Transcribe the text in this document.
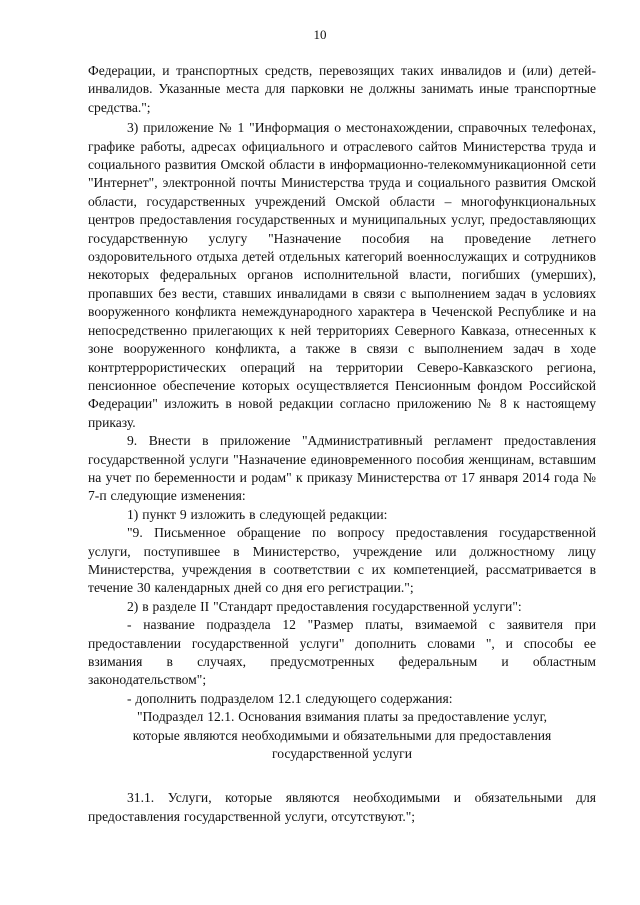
10

Федерации, и транспортных средств, перевозящих таких инвалидов и (или) детей-инвалидов. Указанные места для парковки не должны занимать иные транспортные средства.";

3) приложение № 1 "Информация о местонахождении, справочных телефонах, графике работы, адресах официального и отраслевого сайтов Министерства труда и социального развития Омской области в информационно-телекоммуникационной сети "Интернет", электронной почты Министерства труда и социального развития Омской области, государственных учреждений Омской области – многофункциональных центров предоставления государственных и муниципальных услуг, предоставляющих государственную услугу "Назначение пособия на проведение летнего оздоровительного отдыха детей отдельных категорий военнослужащих и сотрудников некоторых федеральных органов исполнительной власти, погибших (умерших), пропавших без вести, ставших инвалидами в связи с выполнением задач в условиях вооруженного конфликта немеждународного характера в Чеченской Республике и на непосредственно прилегающих к ней территориях Северного Кавказа, отнесенных к зоне вооруженного конфликта, а также в связи с выполнением задач в ходе контртеррористических операций на территории Северо-Кавказского региона, пенсионное обеспечение которых осуществляется Пенсионным фондом Российской Федерации" изложить в новой редакции согласно приложению № 8 к настоящему приказу.

9. Внести в приложение "Административный регламент предоставления государственной услуги "Назначение единовременного пособия женщинам, вставшим на учет по беременности и родам" к приказу Министерства от 17 января 2014 года № 7-п следующие изменения:

1) пункт 9 изложить в следующей редакции:

"9. Письменное обращение по вопросу предоставления государственной услуги, поступившее в Министерство, учреждение или должностному лицу Министерства, учреждения в соответствии с их компетенцией, рассматривается в течение 30 календарных дней со дня его регистрации.";

2) в разделе II "Стандарт предоставления государственной услуги":

- название подраздела 12 "Размер платы, взимаемой с заявителя при предоставлении государственной услуги" дополнить словами ", и способы ее взимания в случаях, предусмотренных федеральным и областным законодательством";

- дополнить подразделом 12.1 следующего содержания:

"Подраздел 12.1. Основания взимания платы за предоставление услуг,

которые являются необходимыми и обязательными для предоставления

государственной услуги

31.1. Услуги, которые являются необходимыми и обязательными для предоставления государственной услуги, отсутствуют.";
